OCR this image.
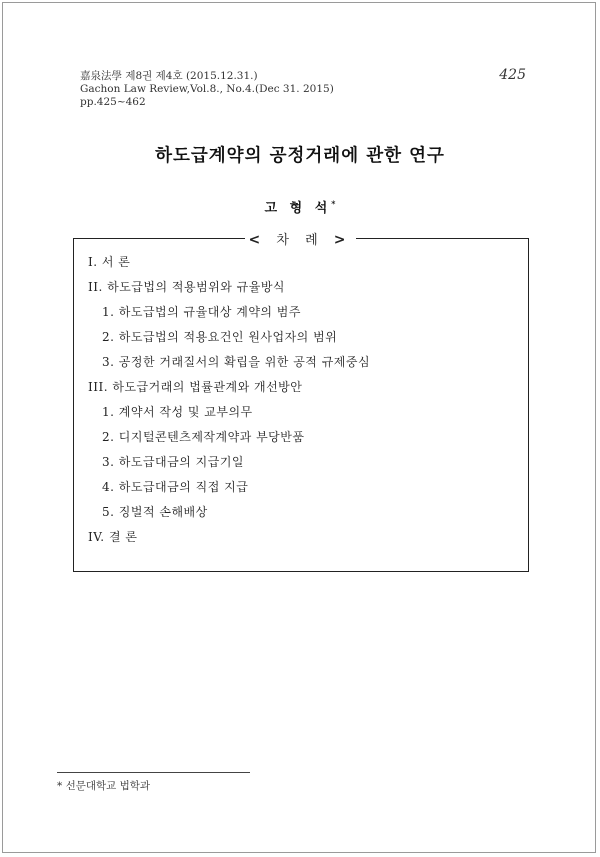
嘉泉法學 제8권 제4호 (2015.12.31.)
Gachon Law Review,Vol.8., No.4.(Dec 31. 2015)
pp.425~462
425
하도급계약의 공정거래에 관한 연구
고 형 석*
< 차 례 >
I. 서 론
II. 하도급법의 적용범위와 규율방식
1. 하도급법의 규율대상 계약의 범주
2. 하도급법의 적용요건인 원사업자의 범위
3. 공정한 거래질서의 확립을 위한 공적 규제중심
III. 하도급거래의 법률관계와 개선방안
1. 계약서 작성 및 교부의무
2. 디지털콘텐츠제작계약과 부당반품
3. 하도급대금의 지급기일
4. 하도급대금의 직접 지급
5. 징벌적 손해배상
IV. 결 론
* 선문대학교 법학과
